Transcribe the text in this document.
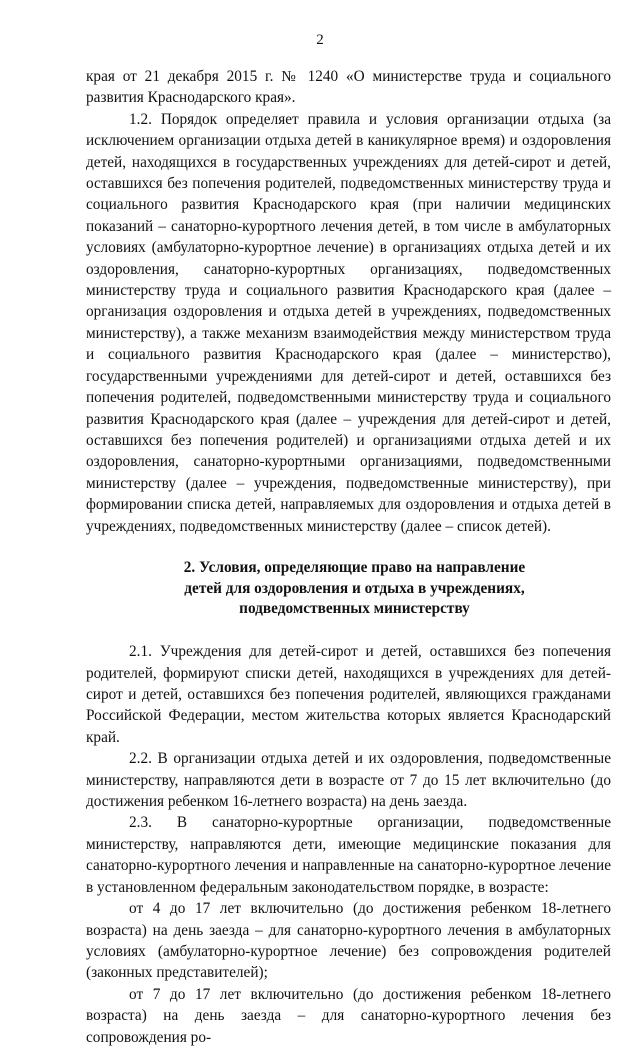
2

края от 21 декабря 2015 г. № 1240 «О министерстве труда и социального развития Краснодарского края».

1.2. Порядок определяет правила и условия организации отдыха (за исключением организации отдыха детей в каникулярное время) и оздоровления детей, находящихся в государственных учреждениях для детей-сирот и детей, оставшихся без попечения родителей, подведомственных министерству труда и социального развития Краснодарского края (при наличии медицинских показаний – санаторно-курортного лечения детей, в том числе в амбулаторных условиях (амбулаторно-курортное лечение) в организациях отдыха детей и их оздоровления, санаторно-курортных организациях, подведомственных министерству труда и социального развития Краснодарского края (далее – организация оздоровления и отдыха детей в учреждениях, подведомственных министерству), а также механизм взаимодействия между министерством труда и социального развития Краснодарского края (далее – министерство), государственными учреждениями для детей-сирот и детей, оставшихся без попечения родителей, подведомственными министерству труда и социального развития Краснодарского края (далее – учреждения для детей-сирот и детей, оставшихся без попечения родителей) и организациями отдыха детей и их оздоровления, санаторно-курортными организациями, подведомственными министерству (далее – учреждения, подведомственные министерству), при формировании списка детей, направляемых для оздоровления и отдыха детей в учреждениях, подведомственных министерству (далее – список детей).

2. Условия, определяющие право на направление
детей для оздоровления и отдыха в учреждениях,
подведомственных министерству

2.1. Учреждения для детей-сирот и детей, оставшихся без попечения родителей, формируют списки детей, находящихся в учреждениях для детей-сирот и детей, оставшихся без попечения родителей, являющихся гражданами Российской Федерации, местом жительства которых является Краснодарский край.

2.2. В организации отдыха детей и их оздоровления, подведомственные министерству, направляются дети в возрасте от 7 до 15 лет включительно (до достижения ребенком 16-летнего возраста) на день заезда.

2.3. В санаторно-курортные организации, подведомственные министерству, направляются дети, имеющие медицинские показания для санаторно-курортного лечения и направленные на санаторно-курортное лечение в установленном федеральным законодательством порядке, в возрасте:

от 4 до 17 лет включительно (до достижения ребенком 18-летнего возраста) на день заезда – для санаторно-курортного лечения в амбулаторных условиях (амбулаторно-курортное лечение) без сопровождения родителей (законных представителей);

от 7 до 17 лет включительно (до достижения ребенком 18-летнего возраста) на день заезда – для санаторно-курортного лечения без сопровождения ро-
